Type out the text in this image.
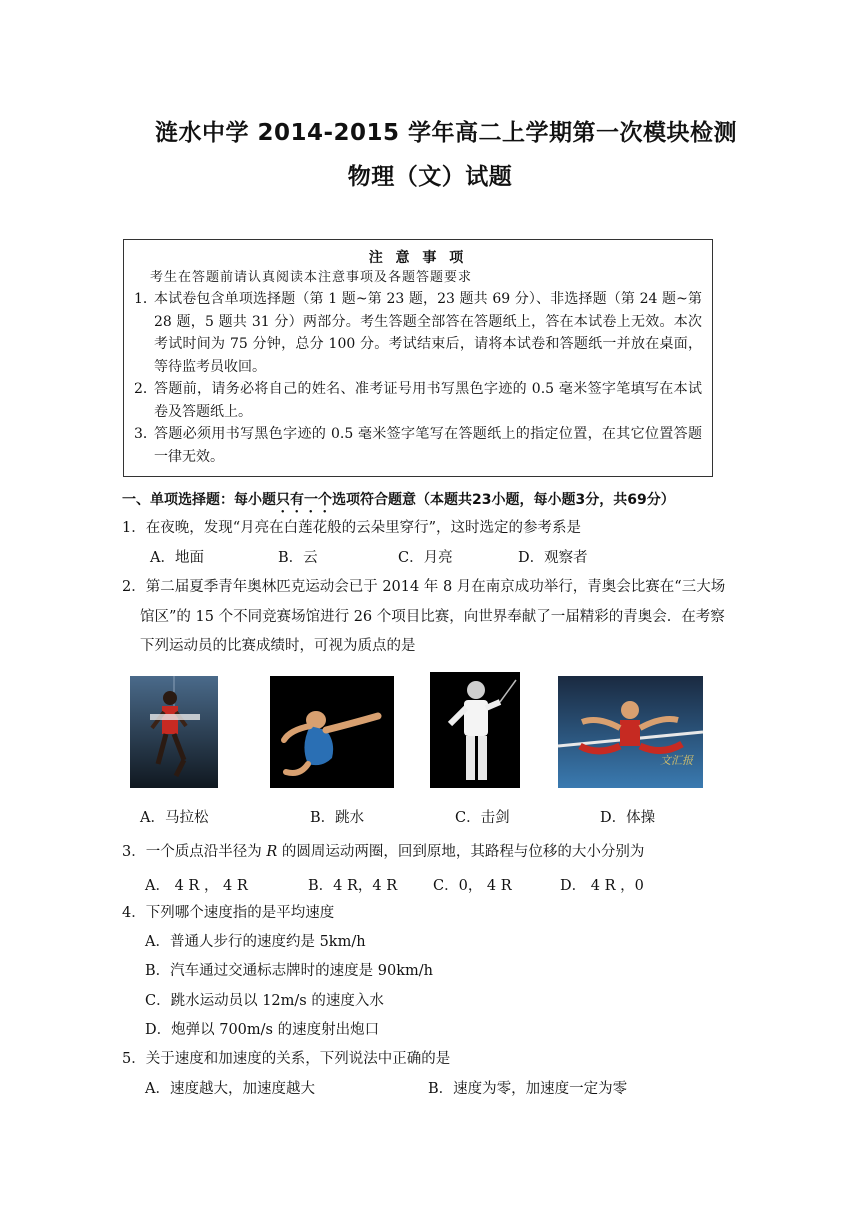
涟水中学 2014-2015 学年高二上学期第一次模块检测
物理（文）试题
注 意 事 项
考生在答题前请认真阅读本注意事项及各题答题要求
1．
本试卷包含单项选择题（第 1 题~第 23 题，23 题共 69 分）、非选择题（第 24 题~第 28 题，5 题共 31 分）两部分。考生答题全部答在答题纸上，答在本试卷上无效。本次考试时间为 75 分钟，总分 100 分。考试结束后，请将本试卷和答题纸一并放在桌面，等待监考员收回。
2．
答题前，请务必将自己的姓名、准考证号用书写黑色字迹的 0.5 毫米签字笔填写在本试卷及答题纸上。
3．
答题必须用书写黑色字迹的 0.5 毫米签字笔写在答题纸上的指定位置，在其它位置答题一律无效。
一、单项选择题：每小题只有一个选项符合题意（本题共23小题，每小题3分，共69分）
1．在夜晚，发现“月亮在白莲花般的云朵里穿行”，这时选定的参考系是
A．地面	B．云	C．月亮	D．观察者
2．第二届夏季青年奥林匹克运动会已于 2014 年 8 月在南京成功举行，青奥会比赛在“三大场
馆区”的 15 个不同竞赛场馆进行 26 个项目比赛，向世界奉献了一届精彩的青奥会．在考察
下列运动员的比赛成绩时，可视为质点的是
文汇报
A．马拉松	B．跳水	C．击剑	D．体操
3．一个质点沿半径为 R 的圆周运动两圈，回到原地，其路程与位移的大小分别为
A． 4 R ， 4 R	B．4 R，4 R C．0， 4 R	D． 4 R ，0
4．下列哪个速度指的是平均速度
A．普通人步行的速度约是 5km/h
B．汽车通过交通标志牌时的速度是 90km/h
C．跳水运动员以 12m/s 的速度入水
D．炮弹以 700m/s 的速度射出炮口
5．关于速度和加速度的关系，下列说法中正确的是
A．速度越大，加速度越大	B．速度为零，加速度一定为零
